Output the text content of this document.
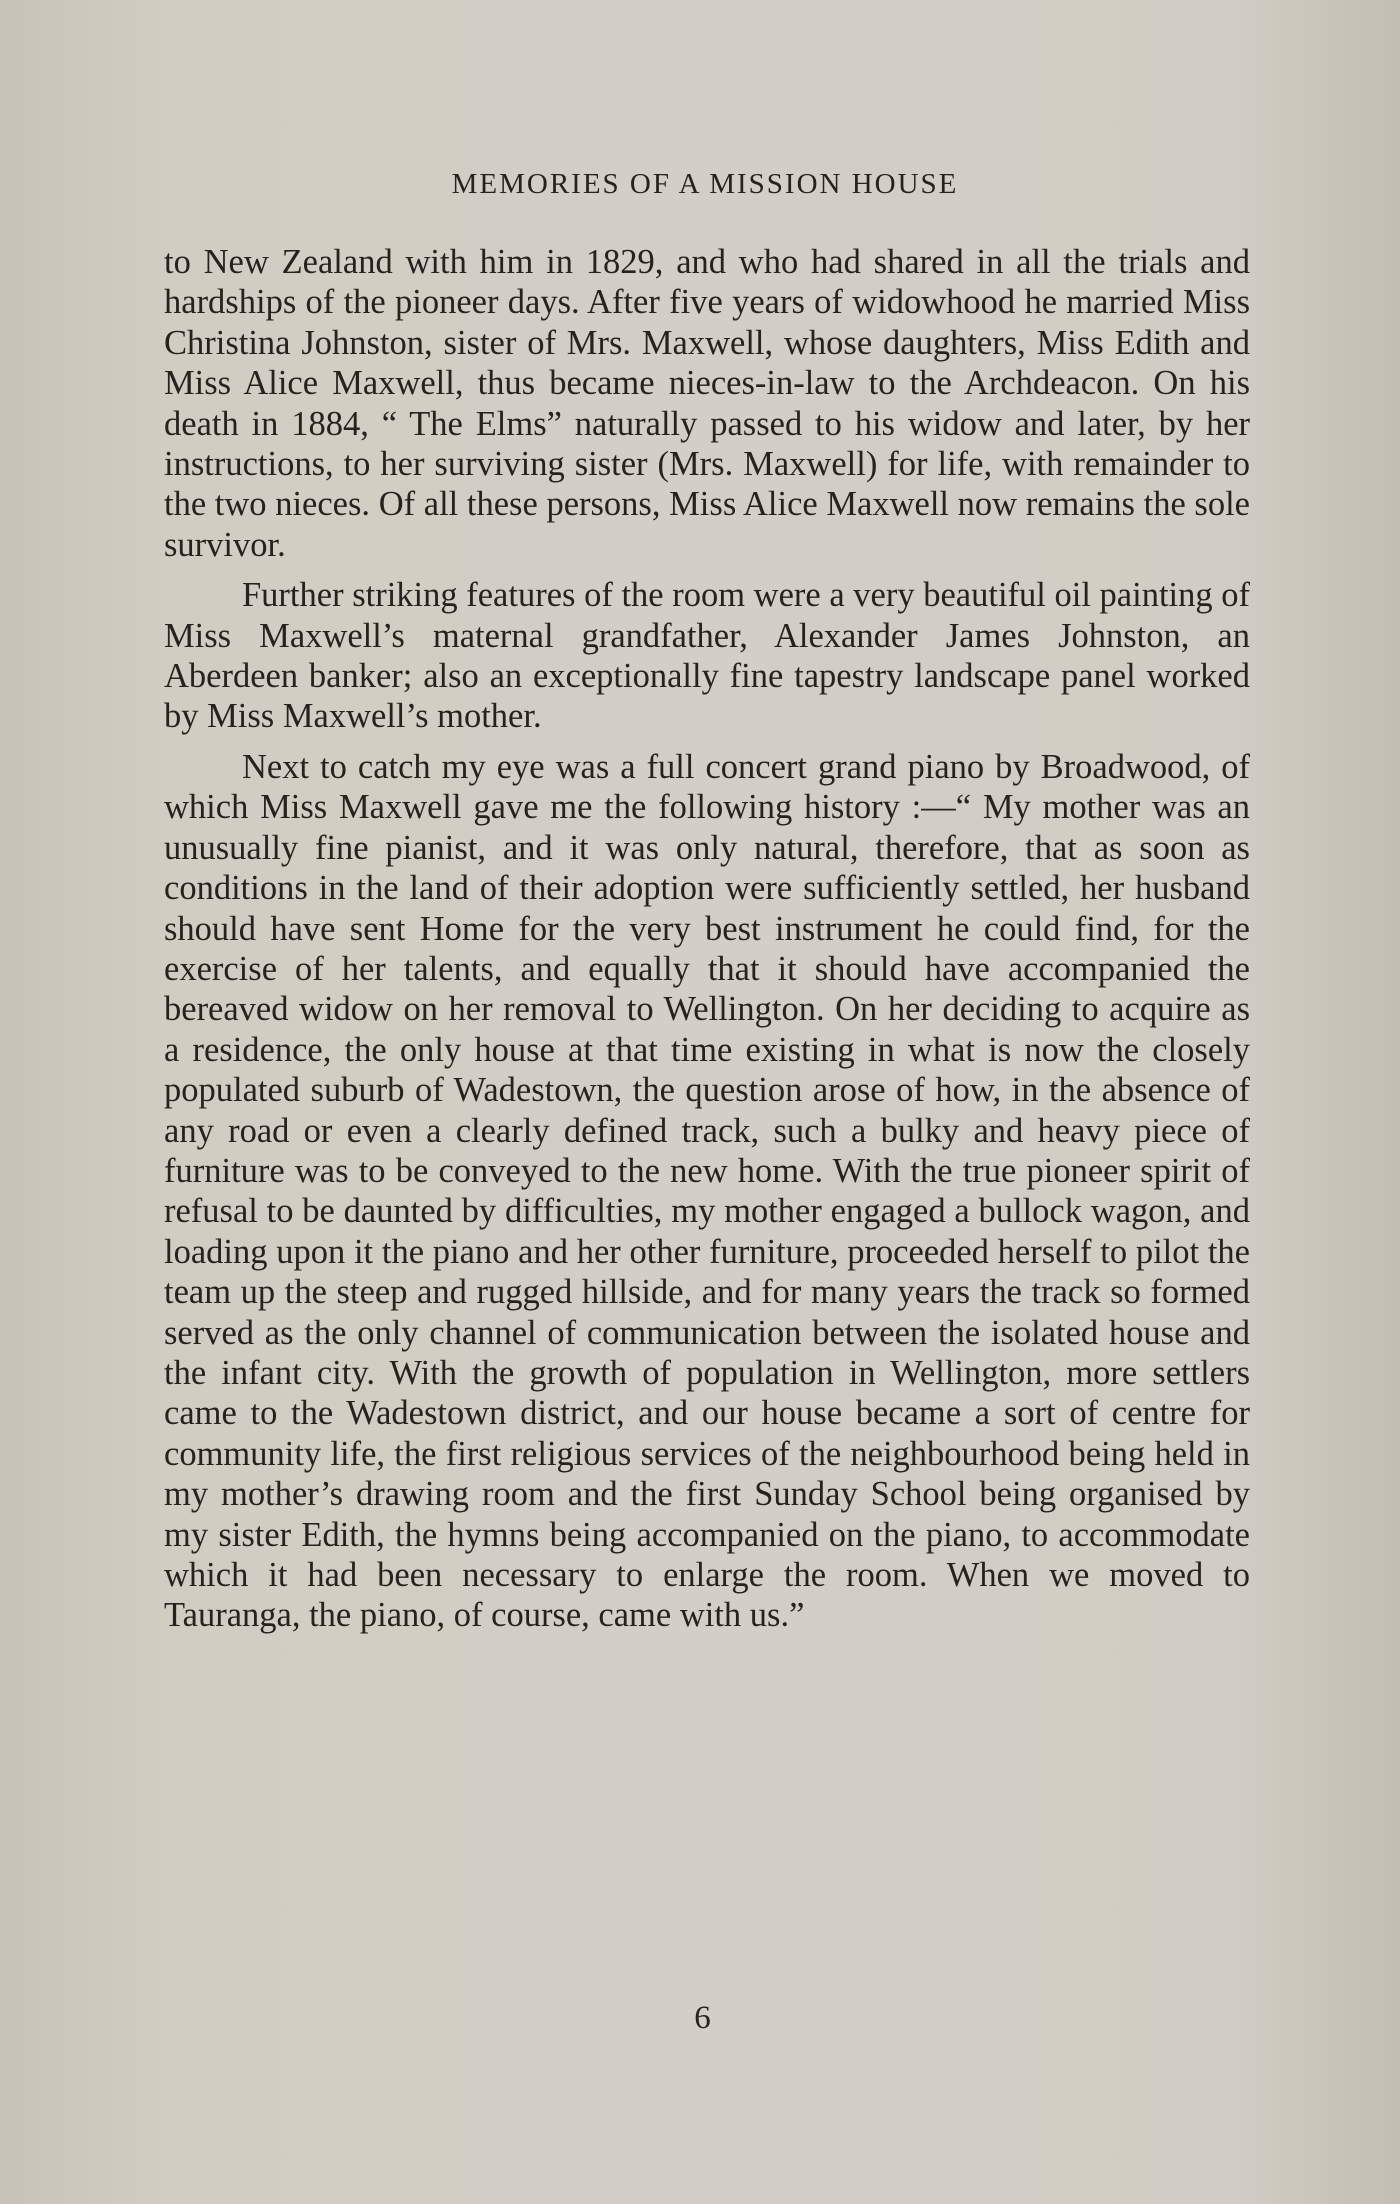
MEMORIES OF A MISSION HOUSE

to New Zealand with him in 1829, and who had shared in all the trials and hardships of the pioneer days. After five years of widowhood he married Miss Christina Johnston, sister of Mrs. Maxwell, whose daughters, Miss Edith and Miss Alice Maxwell, thus became nieces-in-law to the Archdeacon. On his death in 1884, “ The Elms” naturally passed to his widow and later, by her instructions, to her surviving sister (Mrs. Maxwell) for life, with remainder to the two nieces. Of all these persons, Miss Alice Maxwell now remains the sole survivor.

Further striking features of the room were a very beautiful oil painting of Miss Maxwell’s maternal grandfather, Alexander James Johnston, an Aberdeen banker; also an exceptionally fine tapestry landscape panel worked by Miss Maxwell’s mother.

Next to catch my eye was a full concert grand piano by Broadwood, of which Miss Maxwell gave me the following history :—“ My mother was an unusually fine pianist, and it was only natural, therefore, that as soon as conditions in the land of their adoption were sufficiently settled, her husband should have sent Home for the very best instrument he could find, for the exercise of her talents, and equally that it should have accompanied the bereaved widow on her removal to Wellington. On her deciding to acquire as a residence, the only house at that time existing in what is now the closely populated suburb of Wadestown, the question arose of how, in the absence of any road or even a clearly defined track, such a bulky and heavy piece of furniture was to be conveyed to the new home. With the true pioneer spirit of refusal to be daunted by difficulties, my mother engaged a bullock wagon, and loading upon it the piano and her other furniture, proceeded herself to pilot the team up the steep and rugged hillside, and for many years the track so formed served as the only channel of communication between the isolated house and the infant city. With the growth of population in Wellington, more settlers came to the Wadestown district, and our house became a sort of centre for community life, the first religious services of the neighbourhood being held in my mother’s drawing room and the first Sunday School being organised by my sister Edith, the hymns being accompanied on the piano, to accommodate which it had been necessary to enlarge the room. When we moved to Tauranga, the piano, of course, came with us.”

6
